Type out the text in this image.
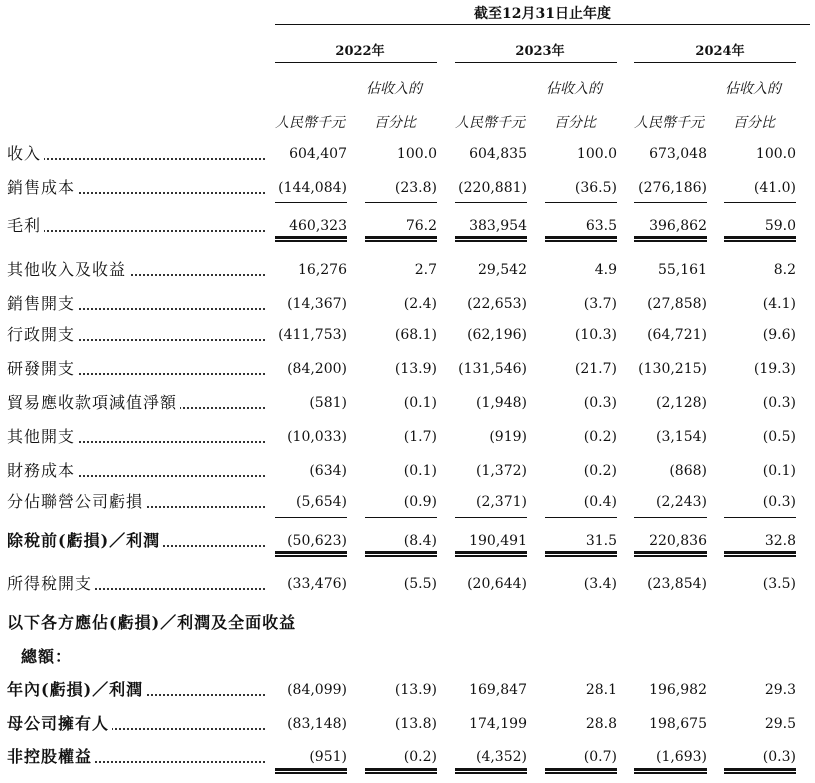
截至12月31日止年度
2022年	2023年	2024年
佔收入的	佔收入的	佔收入的
人民幣千元	百分比	人民幣千元	百分比	人民幣千元	百分比
收入	604,407	100.0	604,835	100.0	673,048	100.0
銷售成本	(144,084)	(23.8) (220,881)	(36.5) (276,186)	(41.0)
毛利	460,323	76.2	383,954	63.5	396,862	59.0
其他收入及收益	16,276	2.7	29,542	4.9	55,161	8.2
銷售開支	(14,367)	(2.4)	(22,653)	(3.7)	(27,858)	(4.1)
行政開支	(411,753)	(68.1)	(62,196)	(10.3)	(64,721)	(9.6)
研發開支	(84,200)	(13.9) (131,546)	(21.7) (130,215)	(19.3)
貿易應收款項減值淨額	(581)	(0.1)	(1,948)	(0.3)	(2,128)	(0.3)
其他開支	(10,033)	(1.7)	(919)	(0.2)	(3,154)	(0.5)
財務成本	(634)	(0.1)	(1,372)	(0.2)	(868)	(0.1)
分佔聯營公司虧損	(5,654)	(0.9)	(2,371)	(0.4)	(2,243)	(0.3)
除稅前(虧損)／利潤	(50,623)	(8.4)	190,491	31.5	220,836	32.8
所得稅開支	(33,476)	(5.5)	(20,644)	(3.4)	(23,854)	(3.5)
以下各方應佔(虧損)／利潤及全面收益
總額：
年內(虧損)／利潤	(84,099)	(13.9)	169,847	28.1	196,982	29.3
母公司擁有人	(83,148)	(13.8)	174,199	28.8	198,675	29.5
非控股權益	(951)	(0.2)	(4,352)	(0.7)	(1,693)	(0.3)
